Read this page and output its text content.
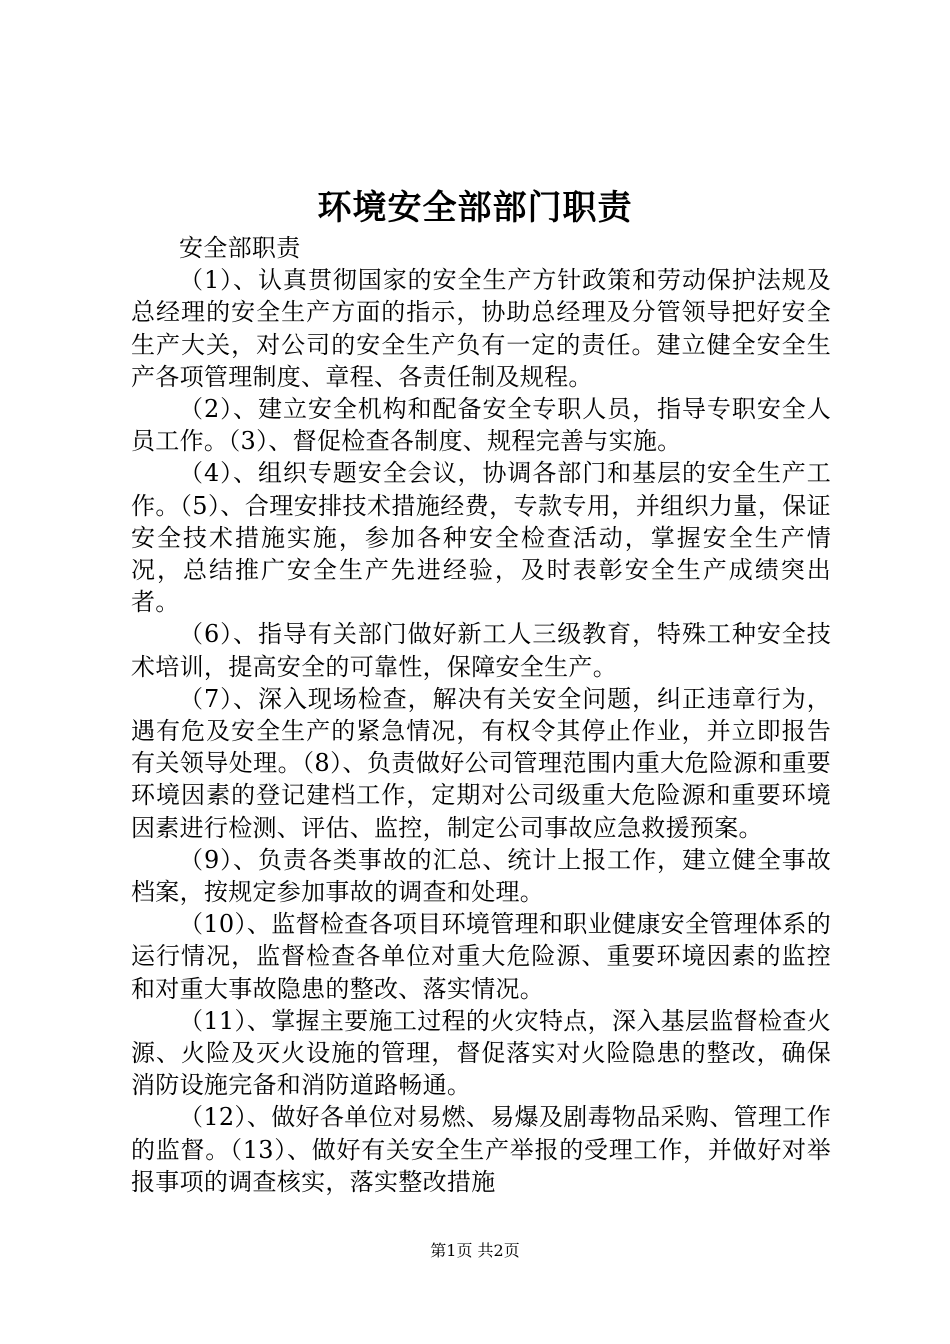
环境安全部部门职责

安全部职责

（1）、认真贯彻国家的安全生产方针政策和劳动保护法规及总经理的安全生产方面的指示，协助总经理及分管领导把好安全生产大关，对公司的安全生产负有一定的责任。建立健全安全生产各项管理制度、章程、各责任制及规程。

（2）、建立安全机构和配备安全专职人员，指导专职安全人员工作。（3）、督促检查各制度、规程完善与实施。

（4）、组织专题安全会议，协调各部门和基层的安全生产工作。（5）、合理安排技术措施经费，专款专用，并组织力量，保证安全技术措施实施，参加各种安全检查活动，掌握安全生产情况，总结推广安全生产先进经验，及时表彰安全生产成绩突出者。

（6）、指导有关部门做好新工人三级教育，特殊工种安全技术培训，提高安全的可靠性，保障安全生产。

（7）、深入现场检查，解决有关安全问题，纠正违章行为，遇有危及安全生产的紧急情况，有权令其停止作业，并立即报告有关领导处理。（8）、负责做好公司管理范围内重大危险源和重要环境因素的登记建档工作，定期对公司级重大危险源和重要环境因素进行检测、评估、监控，制定公司事故应急救援预案。

（9）、负责各类事故的汇总、统计上报工作，建立健全事故档案，按规定参加事故的调查和处理。

（10）、监督检查各项目环境管理和职业健康安全管理体系的运行情况，监督检查各单位对重大危险源、重要环境因素的监控和对重大事故隐患的整改、落实情况。

（11）、掌握主要施工过程的火灾特点，深入基层监督检查火源、火险及灭火设施的管理，督促落实对火险隐患的整改，确保消防设施完备和消防道路畅通。

（12）、做好各单位对易燃、易爆及剧毒物品采购、管理工作的监督。（13）、做好有关安全生产举报的受理工作，并做好对举报事项的调查核实，落实整改措施

第1页 共2页
